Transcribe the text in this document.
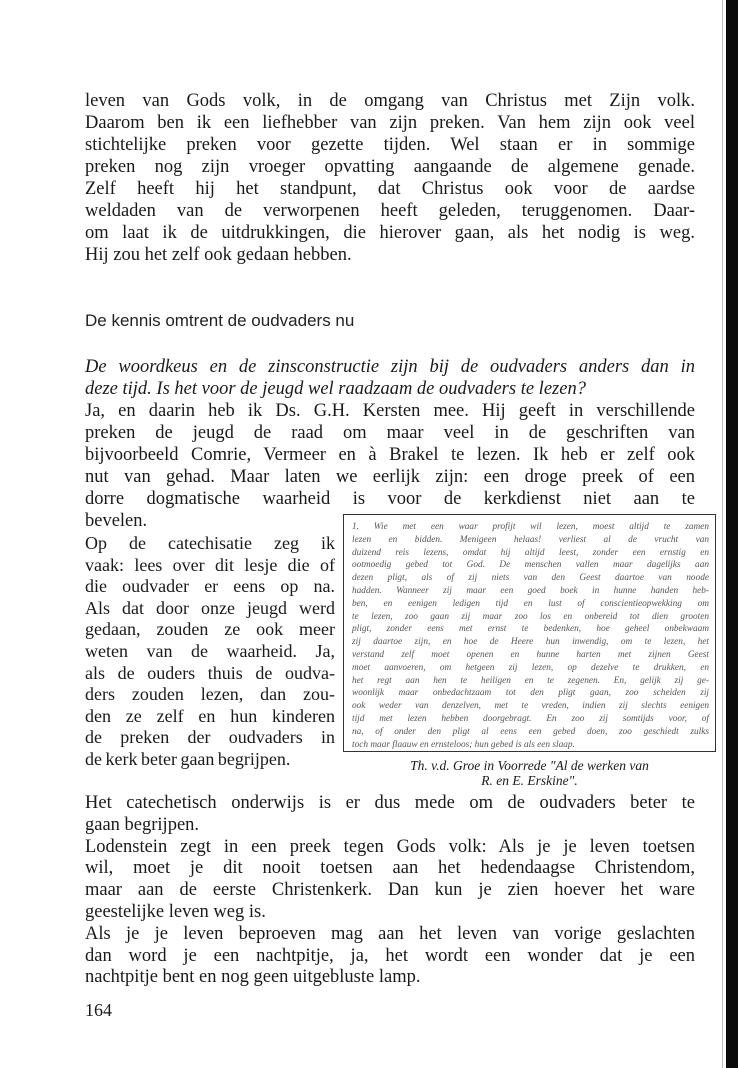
leven van Gods volk, in de omgang van Christus met Zijn volk.
Daarom ben ik een liefhebber van zijn preken. Van hem zijn ook veel
stichtelijke preken voor gezette tijden. Wel staan er in sommige
preken nog zijn vroeger opvatting aangaande de algemene genade.
Zelf heeft hij het standpunt, dat Christus ook voor de aardse
weldaden van de verworpenen heeft geleden, teruggenomen. Daar-
om laat ik de uitdrukkingen, die hierover gaan, als het nodig is weg.
Hij zou het zelf ook gedaan hebben.
De kennis omtrent de oudvaders nu
De woordkeus en de zinsconstructie zijn bij de oudvaders anders dan in
deze tijd. Is het voor de jeugd wel raadzaam de oudvaders te lezen?
Ja, en daarin heb ik Ds. G.H. Kersten mee. Hij geeft in verschillende
preken de jeugd de raad om maar veel in de geschriften van
bijvoorbeeld Comrie, Vermeer en à Brakel te lezen. Ik heb er zelf ook
nut van gehad. Maar laten we eerlijk zijn: een droge preek of een
dorre dogmatische waarheid is voor de kerkdienst niet aan te
bevelen.
Op de catechisatie zeg ik
vaak: lees over dit lesje die of
die oudvader er eens op na.
Als dat door onze jeugd werd
gedaan, zouden ze ook meer
weten van de waarheid. Ja,
als de ouders thuis de oudva-
ders zouden lezen, dan zou-
den ze zelf en hun kinderen
de preken der oudvaders in
de kerk beter gaan begrijpen.
1. Wie met een waar profijt wil lezen, moest altijd te zamen
lezen en bidden. Menigeen helaas! verliest al de vrucht van
duizend reis lezens, omdat hij altijd leest, zonder een ernstig en
ootmoedig gebed tot God. De menschen vallen maar dagelijks aan
dezen pligt, als of zij niets van den Geest daartoe van noode
hadden. Wanneer zij maar een goed boek in hunne handen heb-
ben, en eenigen ledigen tijd en lust of conscientieopwekking om
te lezen, zoo gaan zij maar zoo los en onbereid tot dien grooten
pligt, zonder eens met ernst te bedenken, hoe geheel onbekwaam
zij daartoe zijn, en hoe de Heere hun inwendig, om te lezen, het
verstand zelf moet openen en hunne harten met zijnen Geest
moet aanvoeren, om hetgeen zij lezen, op dezelve te drukken, en
het regt aan hen te heiligen en te zegenen. En, gelijk zij ge-
woonlijk maar onbedachtzaam tot den pligt gaan, zoo scheiden zij
ook weder van denzelven, met te vreden, indien zij slechts eenigen
tijd met lezen hebben doorgebragt. En zoo zij somtijds voor, of
na, of onder den pligt al eens een gebed doen, zoo geschiedt zulks
toch maar flaauw en ernsteloos; hun gebed is als een slaap.
Th. v.d. Groe in Voorrede "Al de werken van
R. en E. Erskine".
Het catechetisch onderwijs is er dus mede om de oudvaders beter te
gaan begrijpen.
Lodenstein zegt in een preek tegen Gods volk: Als je je leven toetsen
wil, moet je dit nooit toetsen aan het hedendaagse Christendom,
maar aan de eerste Christenkerk. Dan kun je zien hoever het ware
geestelijke leven weg is.
Als je je leven beproeven mag aan het leven van vorige geslachten
dan word je een nachtpitje, ja, het wordt een wonder dat je een
nachtpitje bent en nog geen uitgebluste lamp.
164
